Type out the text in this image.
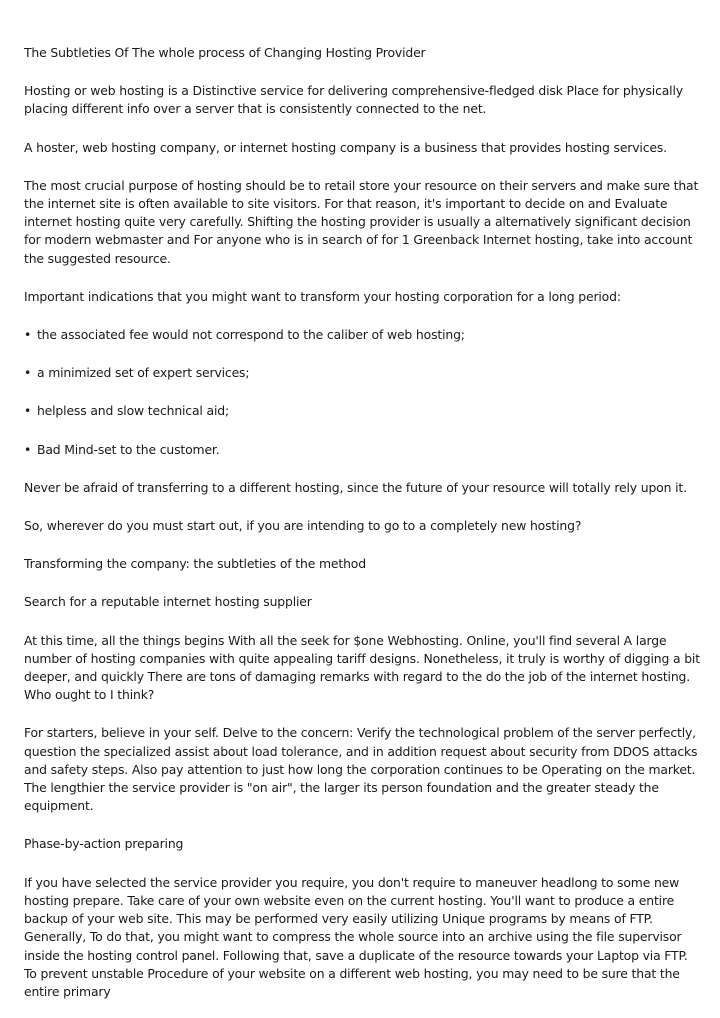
The Subtleties Of The whole process of Changing Hosting Provider

Hosting or web hosting is a Distinctive service for delivering comprehensive-fledged disk Place for physically placing different info over a server that is consistently connected to the net.

A hoster, web hosting company, or internet hosting company is a business that provides hosting services.

The most crucial purpose of hosting should be to retail store your resource on their servers and make sure that the internet site is often available to site visitors. For that reason, it's important to decide on and Evaluate internet hosting quite very carefully. Shifting the hosting provider is usually a alternatively significant decision for modern webmaster and For anyone who is in search of for 1 Greenback Internet hosting, take into account the suggested resource.

Important indications that you might want to transform your hosting corporation for a long period:

• the associated fee would not correspond to the caliber of web hosting;

• a minimized set of expert services;

• helpless and slow technical aid;

• Bad Mind-set to the customer.

Never be afraid of transferring to a different hosting, since the future of your resource will totally rely upon it.

So, wherever do you must start out, if you are intending to go to a completely new hosting?

Transforming the company: the subtleties of the method

Search for a reputable internet hosting supplier

At this time, all the things begins With all the seek for $one Webhosting. Online, you'll find several A large number of hosting companies with quite appealing tariff designs. Nonetheless, it truly is worthy of digging a bit deeper, and quickly There are tons of damaging remarks with regard to the do the job of the internet hosting. Who ought to I think?

For starters, believe in your self. Delve to the concern: Verify the technological problem of the server perfectly, question the specialized assist about load tolerance, and in addition request about security from DDOS attacks and safety steps. Also pay attention to just how long the corporation continues to be Operating on the market. The lengthier the service provider is "on air", the larger its person foundation and the greater steady the equipment.

Phase-by-action preparing

If you have selected the service provider you require, you don't require to maneuver headlong to some new hosting prepare. Take care of your own website even on the current hosting. You'll want to produce a entire backup of your web site. This may be performed very easily utilizing Unique programs by means of FTP. Generally, To do that, you might want to compress the whole source into an archive using the file supervisor inside the hosting control panel. Following that, save a duplicate of the resource towards your Laptop via FTP. To prevent unstable Procedure of your website on a different web hosting, you may need to be sure that the entire primary
